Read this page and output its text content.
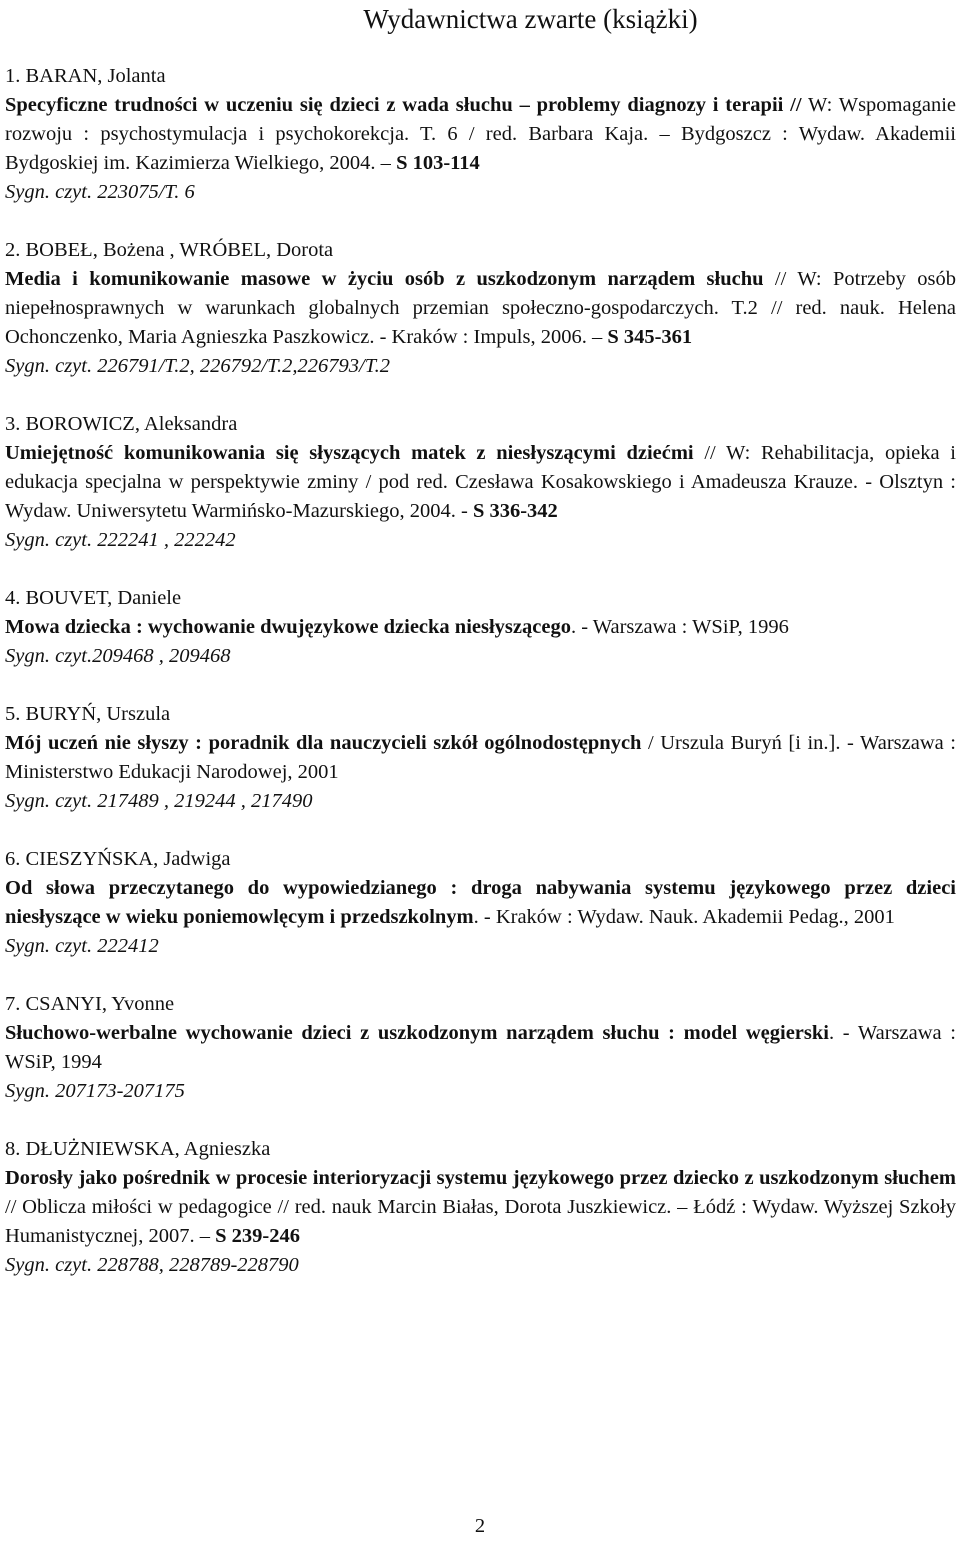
Wydawnictwa zwarte (książki)
1. BARAN, Jolanta
Specyficzne trudności w uczeniu się dzieci z wada słuchu – problemy diagnozy i terapii // W: Wspomaganie rozwoju : psychostymulacja i psychokorekcja. T. 6 / red. Barbara Kaja. – Bydgoszcz : Wydaw. Akademii Bydgoskiej im. Kazimierza Wielkiego, 2004. – S 103-114
Sygn. czyt. 223075/T. 6
2. BOBEŁ, Bożena , WRÓBEL, Dorota
Media i komunikowanie masowe w życiu osób z uszkodzonym narządem słuchu // W: Potrzeby osób niepełnosprawnych w warunkach globalnych przemian społeczno-gospodarczych. T.2 // red. nauk. Helena Ochonczenko, Maria Agnieszka Paszkowicz. - Kraków : Impuls, 2006. – S 345-361
Sygn. czyt. 226791/T.2, 226792/T.2,226793/T.2
3. BOROWICZ, Aleksandra
Umiejętność komunikowania się słyszących matek z niesłyszącymi dziećmi // W: Rehabilitacja, opieka i edukacja specjalna w perspektywie zminy / pod red. Czesława Kosakowskiego i Amadeusza Krauze. - Olsztyn : Wydaw. Uniwersytetu Warmińsko-Mazurskiego, 2004. - S 336-342
Sygn. czyt. 222241 , 222242
4. BOUVET, Daniele
Mowa dziecka : wychowanie dwujęzykowe dziecka niesłyszącego. - Warszawa : WSiP, 1996
Sygn. czyt.209468 , 209468
5. BURYŃ, Urszula
Mój uczeń nie słyszy : poradnik dla nauczycieli szkół ogólnodostępnych / Urszula Buryń [i in.]. - Warszawa : Ministerstwo Edukacji Narodowej, 2001
Sygn. czyt. 217489 , 219244 , 217490
6. CIESZYŃSKA, Jadwiga
Od słowa przeczytanego do wypowiedzianego : droga nabywania systemu językowego przez dzieci niesłyszące w wieku poniemowlęcym i przedszkolnym. - Kraków : Wydaw. Nauk. Akademii Pedag., 2001
Sygn. czyt. 222412
7. CSANYI, Yvonne
Słuchowo-werbalne wychowanie dzieci z uszkodzonym narządem słuchu : model węgierski. - Warszawa : WSiP, 1994
Sygn. 207173-207175
8. DŁUŻNIEWSKA, Agnieszka
Dorosły jako pośrednik w procesie interioryzacji systemu językowego przez dziecko z uszkodzonym słuchem // Oblicza miłości w pedagogice // red. nauk Marcin Białas, Dorota Juszkiewicz. – Łódź : Wydaw. Wyższej Szkoły Humanistycznej, 2007. – S 239-246
Sygn. czyt. 228788, 228789-228790
2
